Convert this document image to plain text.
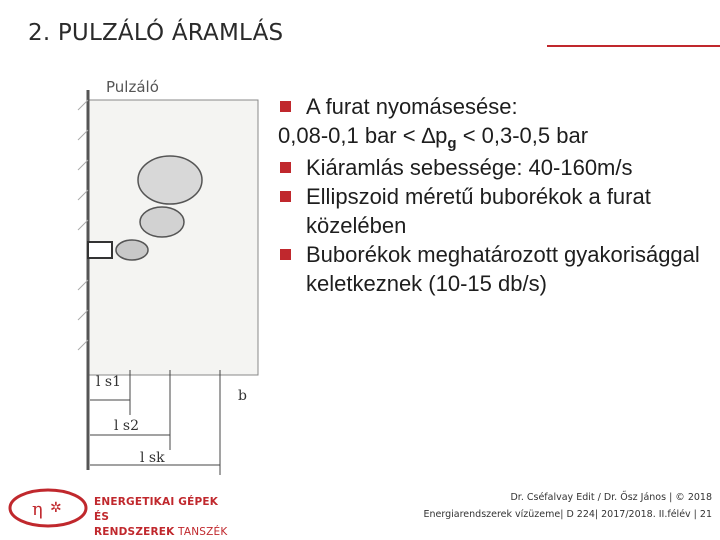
2. PULZÁLÓ ÁRAMLÁS
Pulzáló
l s1
b
l s2
l sk
A furat nyomásesése:
0,08-0,1 bar < $\Delta p_g < 0,3-0,5$ bar
Kiáramlás sebessége: 40-160m/s
Ellipszoid méretű buborékok a furat közelében
Buborékok meghatározott gyakorisággal keletkeznek (10-15 db/s)
η ✲	ENERGETIKAI GÉPEK ÉS
RENDSZEREK TANSZÉK
Dr. Cséfalvay Edit / Dr. Ősz János | © 2018
Energiarendszerek vízüzeme| D 224| 2017/2018. II.félév | 21
